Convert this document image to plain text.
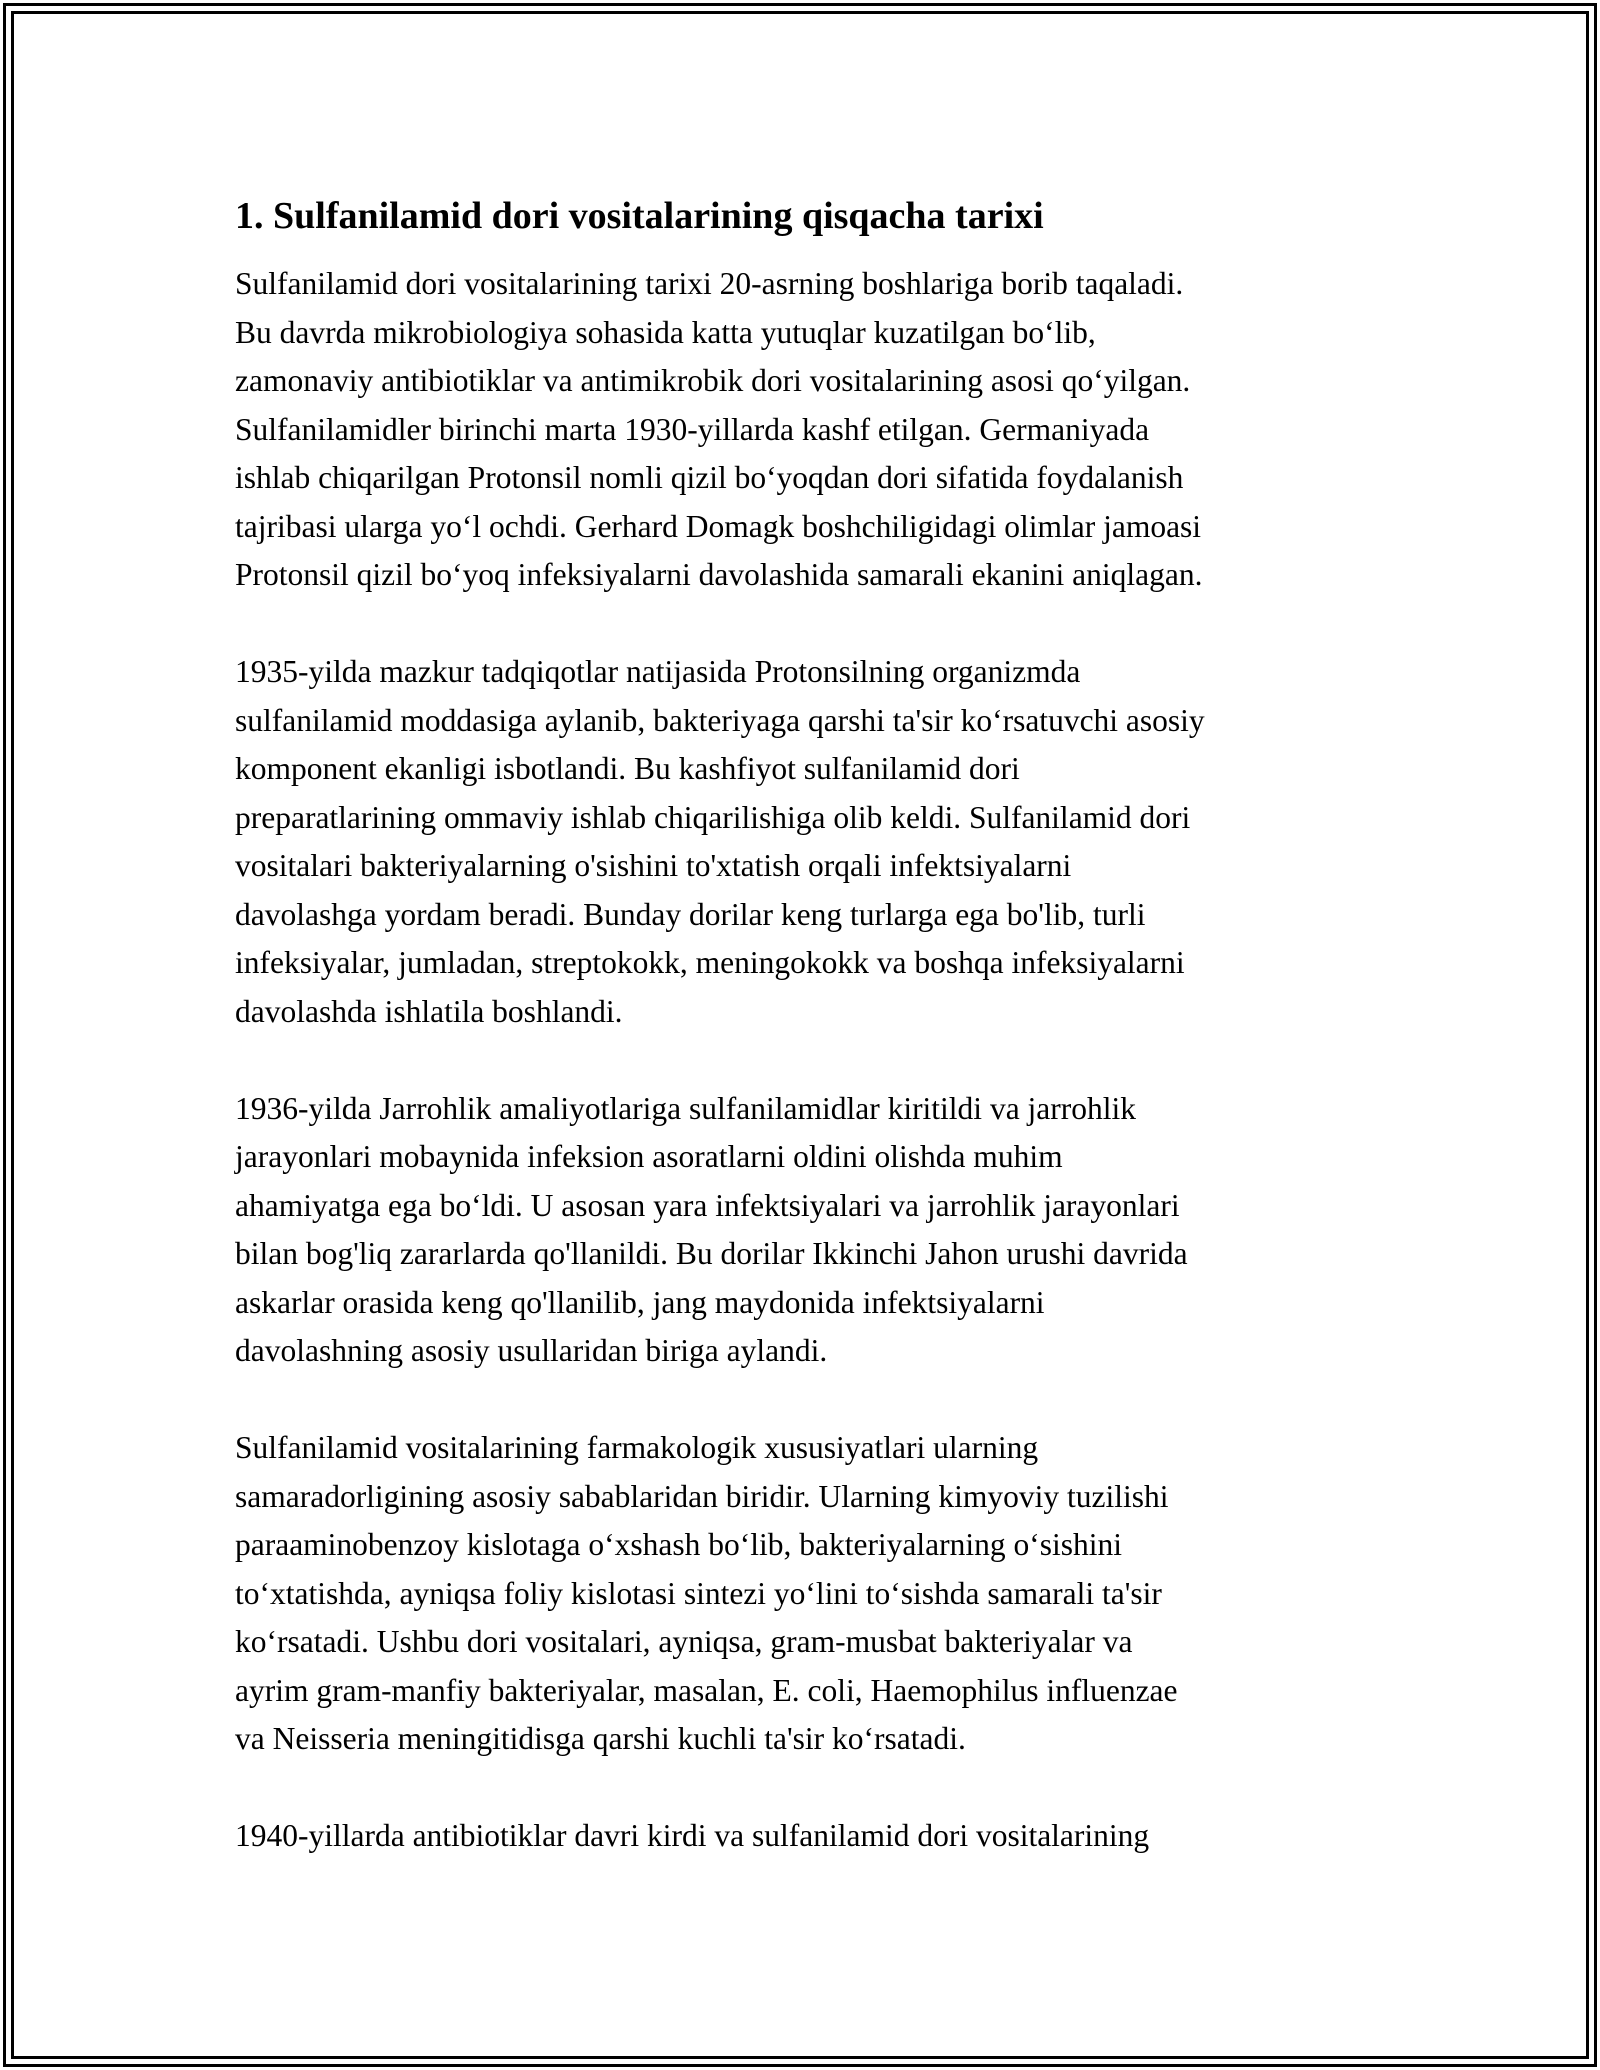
1. Sulfanilamid dori vositalarining qisqacha tarixi

Sulfanilamid dori vositalarining tarixi 20-asrning boshlariga borib taqaladi.
Bu davrda mikrobiologiya sohasida katta yutuqlar kuzatilgan bo‘lib,
zamonaviy antibiotiklar va antimikrobik dori vositalarining asosi qo‘yilgan.
Sulfanilamidler birinchi marta 1930-yillarda kashf etilgan. Germaniyada
ishlab chiqarilgan Protonsil nomli qizil bo‘yoqdan dori sifatida foydalanish
tajribasi ularga yo‘l ochdi. Gerhard Domagk boshchiligidagi olimlar jamoasi
Protonsil qizil bo‘yoq infeksiyalarni davolashida samarali ekanini aniqlagan.

1935-yilda mazkur tadqiqotlar natijasida Protonsilning organizmda
sulfanilamid moddasiga aylanib, bakteriyaga qarshi ta'sir ko‘rsatuvchi asosiy
komponent ekanligi isbotlandi. Bu kashfiyot sulfanilamid dori
preparatlarining ommaviy ishlab chiqarilishiga olib keldi. Sulfanilamid dori
vositalari bakteriyalarning o'sishini to'xtatish orqali infektsiyalarni
davolashga yordam beradi. Bunday dorilar keng turlarga ega bo'lib, turli
infeksiyalar, jumladan, streptokokk, meningokokk va boshqa infeksiyalarni
davolashda ishlatila boshlandi.

1936-yilda Jarrohlik amaliyotlariga sulfanilamidlar kiritildi va jarrohlik
jarayonlari mobaynida infeksion asoratlarni oldini olishda muhim
ahamiyatga ega bo‘ldi. U asosan yara infektsiyalari va jarrohlik jarayonlari
bilan bog'liq zararlarda qo'llanildi. Bu dorilar Ikkinchi Jahon urushi davrida
askarlar orasida keng qo'llanilib, jang maydonida infektsiyalarni
davolashning asosiy usullaridan biriga aylandi.

Sulfanilamid vositalarining farmakologik xususiyatlari ularning
samaradorligining asosiy sabablaridan biridir. Ularning kimyoviy tuzilishi
paraaminobenzoy kislotaga o‘xshash bo‘lib, bakteriyalarning o‘sishini
to‘xtatishda, ayniqsa foliy kislotasi sintezi yo‘lini to‘sishda samarali ta'sir
ko‘rsatadi. Ushbu dori vositalari, ayniqsa, gram-musbat bakteriyalar va
ayrim gram-manfiy bakteriyalar, masalan, E. coli, Haemophilus influenzae
va Neisseria meningitidisga qarshi kuchli ta'sir ko‘rsatadi.

1940-yillarda antibiotiklar davri kirdi va sulfanilamid dori vositalarining
